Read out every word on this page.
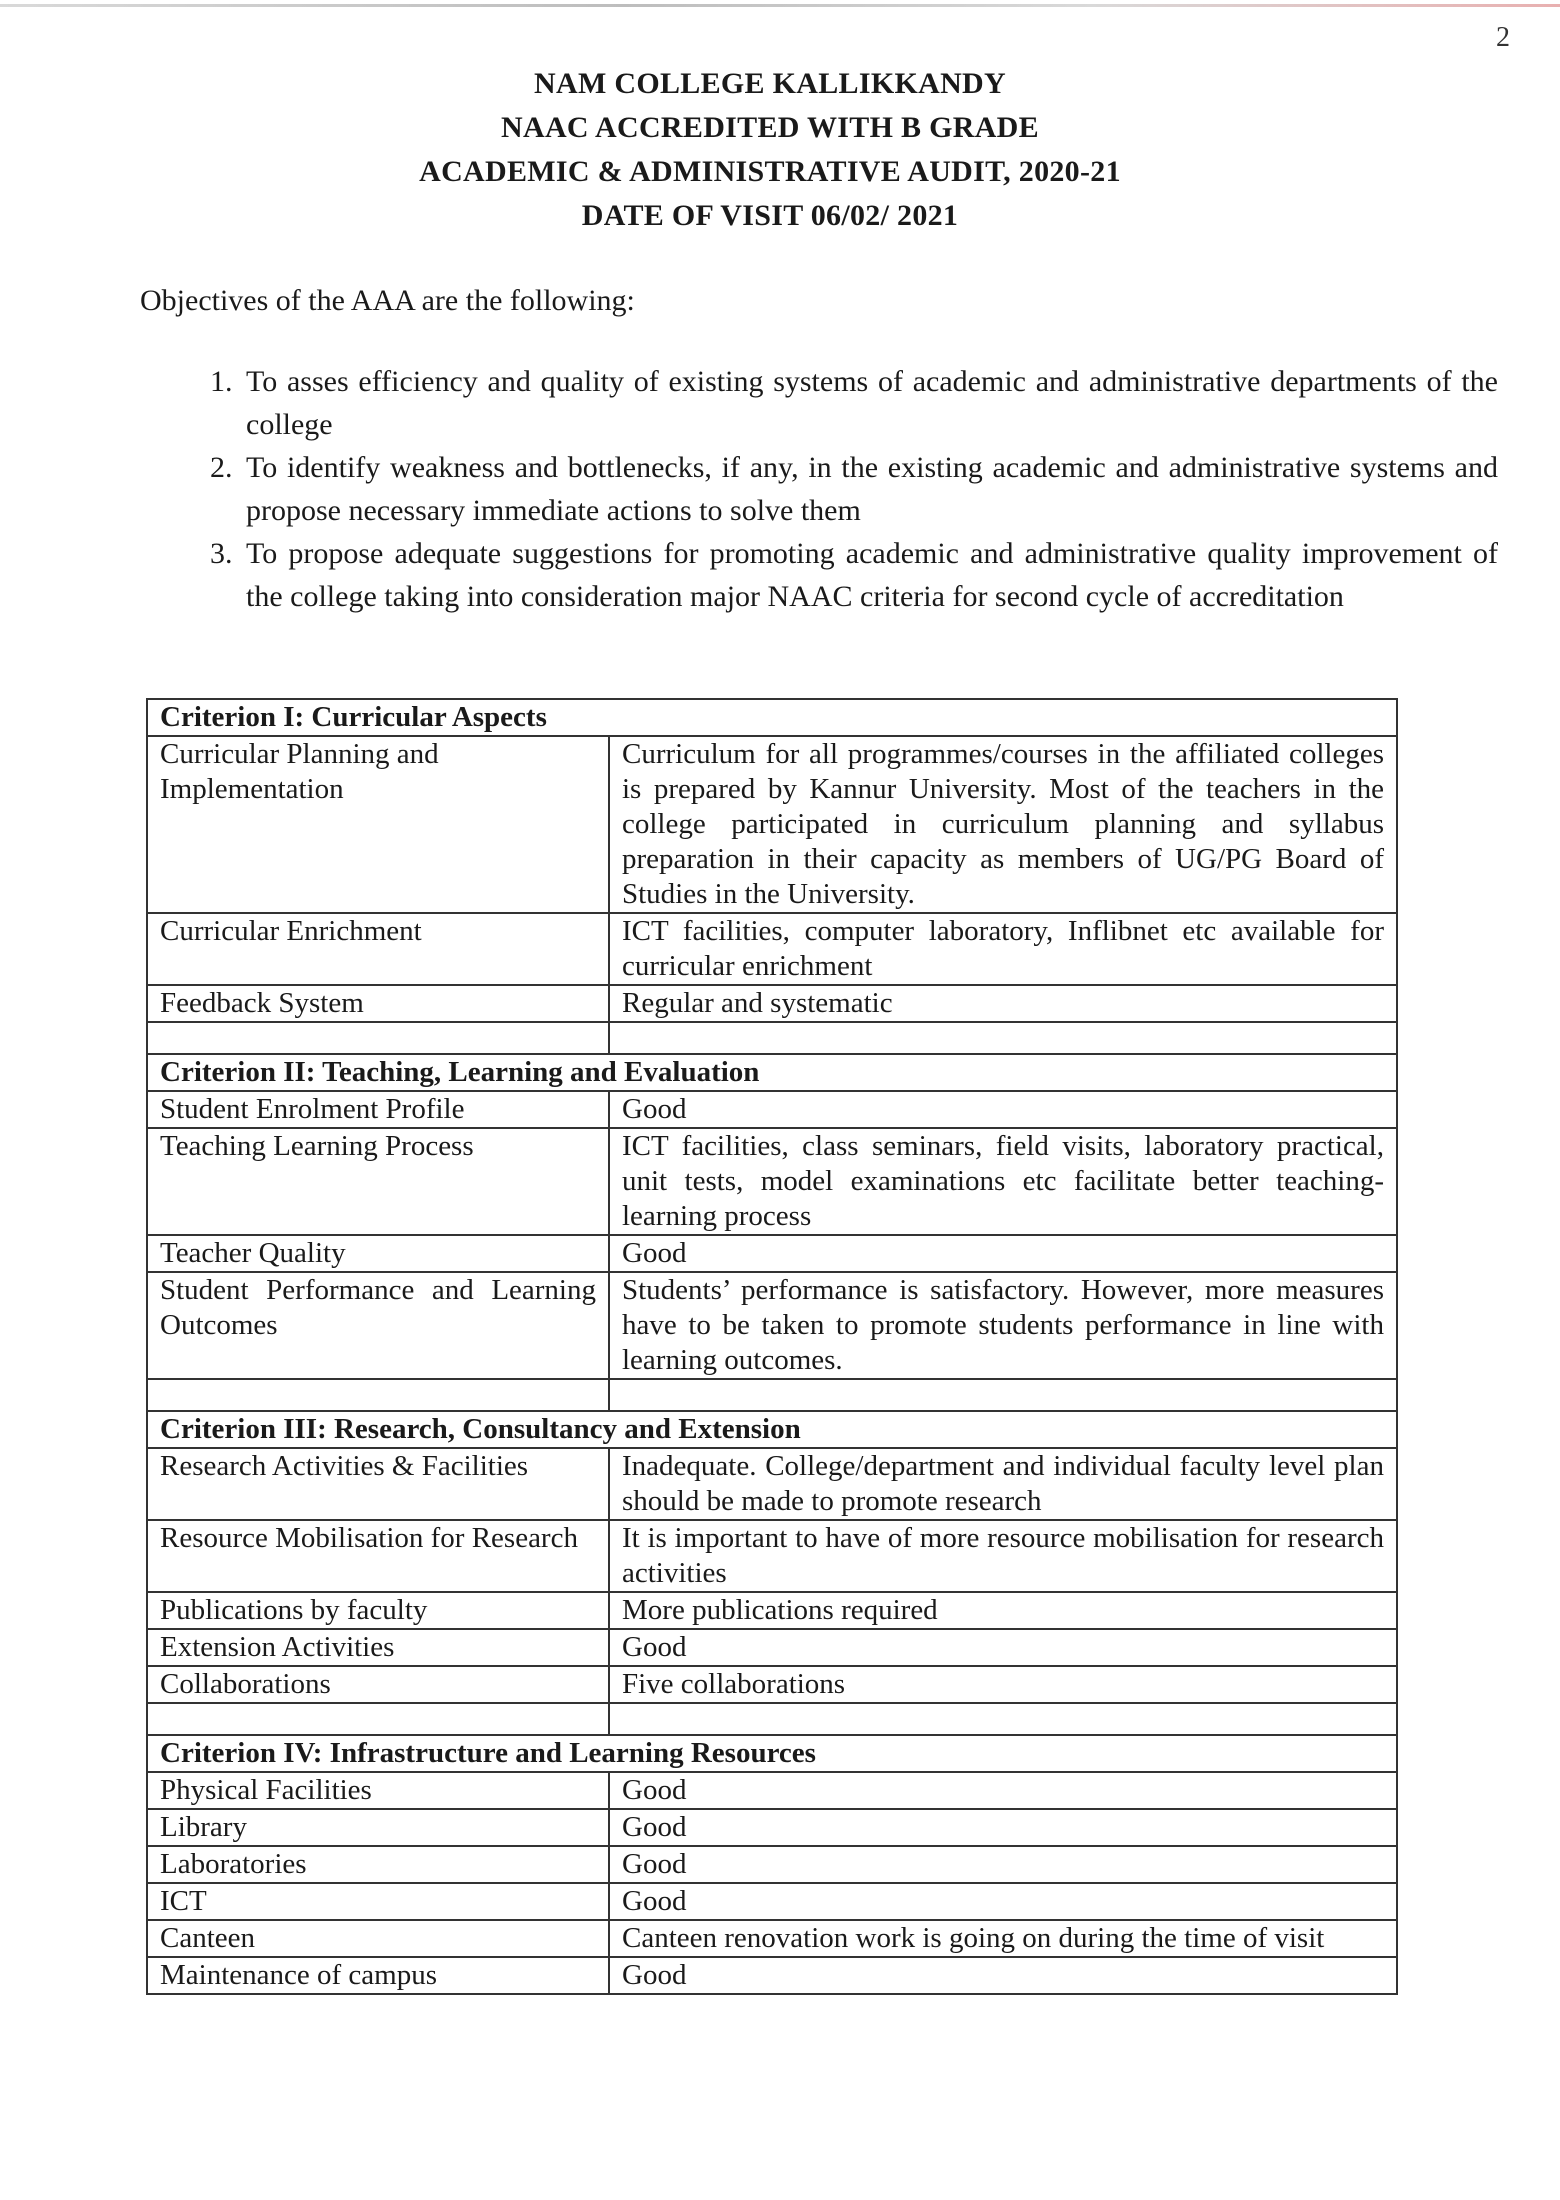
2
NAM COLLEGE KALLIKKANDY
NAAC ACCREDITED WITH B GRADE
ACADEMIC & ADMINISTRATIVE AUDIT, 2020-21
DATE OF VISIT 06/02/ 2021
Objectives of the AAA are the following:
1. To asses efficiency and quality of existing systems of academic and administrative departments of the college
2. To identify weakness and bottlenecks, if any, in the existing academic and administrative systems and propose necessary immediate actions to solve them
3. To propose adequate suggestions for promoting academic and administrative quality improvement of the college taking into consideration major NAAC criteria for second cycle of accreditation
Criterion I: Curricular Aspects	
Curricular Planning and Implementation	Curriculum for all programmes/courses in the affiliated colleges is prepared by Kannur University. Most of the teachers in the college participated in curriculum planning and syllabus preparation in their capacity as members of UG/PG Board of Studies in the University.
Curricular Enrichment	ICT facilities, computer laboratory, Inflibnet etc available for curricular enrichment
Feedback System	Regular and systematic

Criterion II: Teaching, Learning and Evaluation	
Student Enrolment Profile	Good
Teaching Learning Process	ICT facilities, class seminars, field visits, laboratory practical, unit tests, model examinations etc facilitate better teaching-learning process
Teacher Quality	Good
Student Performance and Learning Outcomes	Students’ performance is satisfactory. However, more measures have to be taken to promote students performance in line with learning outcomes.

Criterion III: Research, Consultancy and Extension	
Research Activities & Facilities	Inadequate. College/department and individual faculty level plan should be made to promote research
Resource Mobilisation for Research	It is important to have of more resource mobilisation for research activities
Publications by faculty	More publications required
Extension Activities	Good
Collaborations	Five collaborations

Criterion IV: Infrastructure and Learning Resources	
Physical Facilities	Good
Library	Good
Laboratories	Good
ICT	Good
Canteen	Canteen renovation work is going on during the time of visit
Maintenance of campus	Good
